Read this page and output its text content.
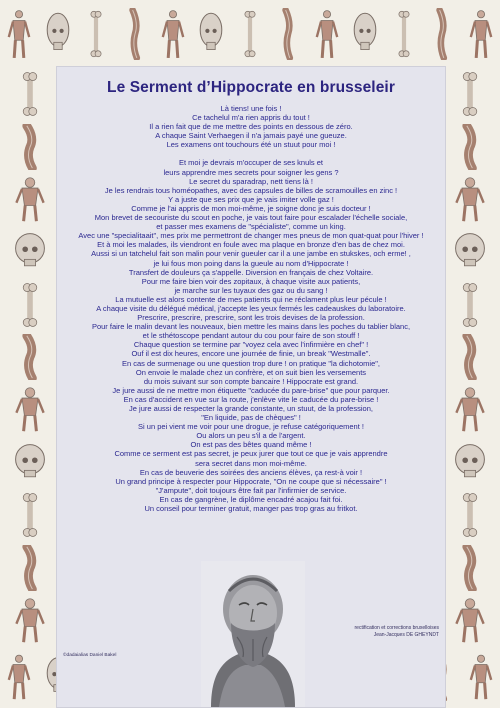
Le Serment d’Hippocrate en brusseleir
Là tiens! une fois !
Ce tachelul m'a rien appris du tout !
Il a rien fait que de me mettre des points en dessous de zéro.
A chaque Saint Verhaegen il n'a jamais payé une gueuze.
Les examens ont touchours été un stuut pour moi !
Et moi je devrais m'occuper de ses knuls et
leurs apprendre mes secrets pour soigner les gens ?
Le secret du sparadrap, nett tiens là !
Je les rendrais tous homéopathes, avec des capsules de billes de scramouilles en zinc !
Y a juste que ses prix que je vais imiter volle gaz !
Comme je l'ai appris de mon moi-même, je soigne donc je suis docteur !
Mon brevet de secouriste du scout en poche, je vais tout faire pour escalader l'échelle sociale,
et passer mes examens de "spécialiste", comme un king.
Avec une "specialitaait", mes prix me permettront de changer mes pneus de mon quat-quat pour l'hiver !
Et à moi les malades, ils viendront en foule avec ma plaque en bronze d'en bas de chez moi.
Aussi si un tatchelul fait son malin pour venir gueuler car il a une jambe en stukskes, och erme! ,
je lui fous mon poing dans la gueule au nom d'Hippocrate !
Transfert de douleurs ça s'appelle. Diversion en français de chez Voltaire.
Pour me faire bien voir des zopitaux, à chaque visite aux patients,
je marche sur les tuyaux des gaz ou du sang !
La mutuelle est alors contente de mes patients qui ne réclament plus leur pécule !
A chaque visite du délégué médical, j'accepte les yeux fermés les cadeauskes du laboratoire.
Prescrire, prescrire, prescrire, sont les trois devises de la profession.
Pour faire le malin devant les nouveaux, bien mettre les mains dans les poches du tablier blanc,
et le sthétoscope pendant autour du cou pour faire de son stouff !
Chaque question se termine par "voyez cela avec l'infirmière en chef" !
Ouf il est dix heures, encore une journée de finie, un break "Westmalle".
En cas de surmenage ou une question trop dure ! on pratique "la dichotomie",
On envoie le malade chez un confrère, et on suit bien les versements
du mois suivant sur son compte bancaire ! Hippocrate est grand.
Je jure aussi de ne mettre mon étiquette "caducée du pare-brise" que pour parquer.
En cas d'accident en vue sur la route, j'enlève vite le caducée du pare-brise !
Je jure aussi de respecter la grande constante, un stuut, de la profession,
"En liquide, pas de chèques" !
Si un pei vient me voir pour une drogue, je refuse catégoriquement !
Ou alors un peu s'il a de l'argent.
On est pas des bêtes quand même !
Comme ce serment est pas secret, je peux jurer que tout ce que je vais apprendre
sera secret dans mon moi-même.
En cas de beuverie des soirées des anciens élèves, ça rest-à voir !
Un grand principe à respecter pour Hippocrate, "On ne coupe que si nécessaire" !
"J'ampute", doit toujours être fait par l'infirmier de service.
En cas de gangrène, le diplôme encadré acajou fait foi.
Un conseil pour terminer gratuit, manger pas trop gras au fritkot.
©dadaialias Daniel Bakel
rectification et corrections bruxelloises
Jean-Jacques DE GHEYNDT
